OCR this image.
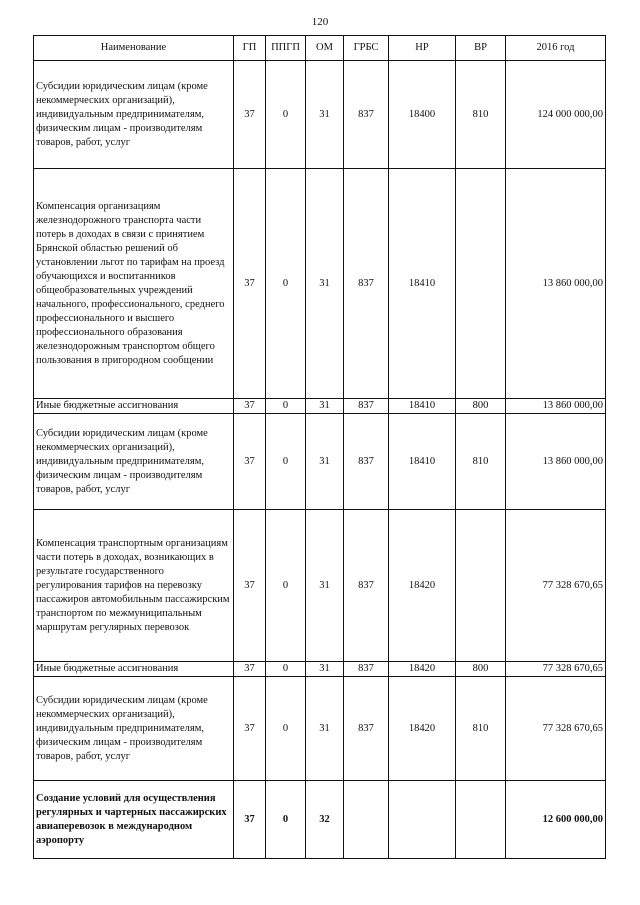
120
Наименование	ГП	ППГП	ОМ	ГРБС	НР	ВР	2016 год
Субсидии юридическим лицам (кроме некоммерческих организаций), индивидуальным предпринимателям, физическим лицам - производителям товаров, работ, услуг	37	0	31	837	18400	810	124 000 000,00
Компенсация организациям железнодорожного транспорта части потерь в доходах в связи с принятием Брянской областью решений об установлении льгот по тарифам на проезд обучающихся и воспитанников общеобразовательных учреждений начального, профессионального, среднего профессионального и высшего профессионального образования железнодорожным транспортом общего пользования в пригородном сообщении	37	0	31	837	18410		13 860 000,00
Иные бюджетные ассигнования	37	0	31	837	18410	800	13 860 000,00
Субсидии юридическим лицам (кроме некоммерческих организаций), индивидуальным предпринимателям, физическим лицам - производителям товаров, работ, услуг	37	0	31	837	18410	810	13 860 000,00
Компенсация транспортным организациям части потерь в доходах, возникающих в результате государственного регулирования тарифов на перевозку пассажиров автомобильным пассажирским транспортом по межмуниципальным маршрутам регулярных перевозок	37	0	31	837	18420		77 328 670,65
Иные бюджетные ассигнования	37	0	31	837	18420	800	77 328 670,65
Субсидии юридическим лицам (кроме некоммерческих организаций), индивидуальным предпринимателям, физическим лицам - производителям товаров, работ, услуг	37	0	31	837	18420	810	77 328 670,65
Создание условий для осуществления регулярных и чартерных пассажирских авиаперевозок в международном аэропорту	37	0	32				12 600 000,00
